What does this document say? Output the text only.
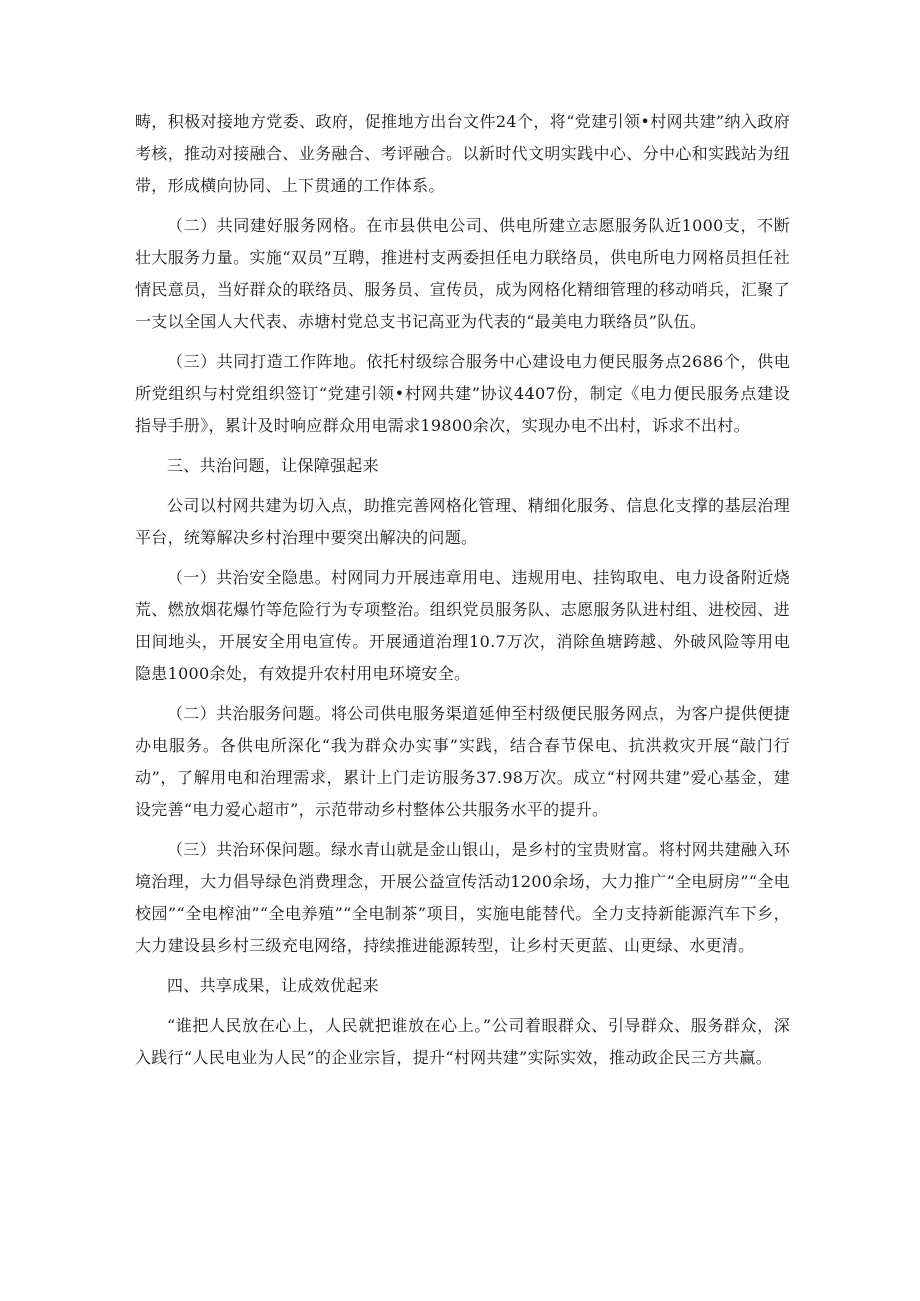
畴，积极对接地方党委、政府，促推地方出台文件24个，将“党建引领•村网共建”纳入政府考核，推动对接融合、业务融合、考评融合。以新时代文明实践中心、分中心和实践站为纽带，形成横向协同、上下贯通的工作体系。

（二）共同建好服务网格。在市县供电公司、供电所建立志愿服务队近1000支，不断壮大服务力量。实施“双员”互聘，推进村支两委担任电力联络员，供电所电力网格员担任社情民意员，当好群众的联络员、服务员、宣传员，成为网格化精细管理的移动哨兵，汇聚了一支以全国人大代表、赤塘村党总支书记高亚为代表的“最美电力联络员”队伍。

（三）共同打造工作阵地。依托村级综合服务中心建设电力便民服务点2686个，供电所党组织与村党组织签订“党建引领•村网共建”协议4407份，制定《电力便民服务点建设指导手册》，累计及时响应群众用电需求19800余次，实现办电不出村，诉求不出村。

三、共治问题，让保障强起来

公司以村网共建为切入点，助推完善网格化管理、精细化服务、信息化支撑的基层治理平台，统筹解决乡村治理中要突出解决的问题。

（一）共治安全隐患。村网同力开展违章用电、违规用电、挂钩取电、电力设备附近烧荒、燃放烟花爆竹等危险行为专项整治。组织党员服务队、志愿服务队进村组、进校园、进田间地头，开展安全用电宣传。开展通道治理10.7万次，消除鱼塘跨越、外破风险等用电隐患1000余处，有效提升农村用电环境安全。

（二）共治服务问题。将公司供电服务渠道延伸至村级便民服务网点，为客户提供便捷办电服务。各供电所深化“我为群众办实事”实践，结合春节保电、抗洪救灾开展“敲门行动”，了解用电和治理需求，累计上门走访服务37.98万次。成立“村网共建”爱心基金，建设完善“电力爱心超市”，示范带动乡村整体公共服务水平的提升。

（三）共治环保问题。绿水青山就是金山银山，是乡村的宝贵财富。将村网共建融入环境治理，大力倡导绿色消费理念，开展公益宣传活动1200余场，大力推广“全电厨房”“全电校园”“全电榨油”“全电养殖”“全电制茶”项目，实施电能替代。全力支持新能源汽车下乡，大力建设县乡村三级充电网络，持续推进能源转型，让乡村天更蓝、山更绿、水更清。

四、共享成果，让成效优起来

“谁把人民放在心上，人民就把谁放在心上。”公司着眼群众、引导群众、服务群众，深入践行“人民电业为人民”的企业宗旨，提升“村网共建”实际实效，推动政企民三方共赢。
